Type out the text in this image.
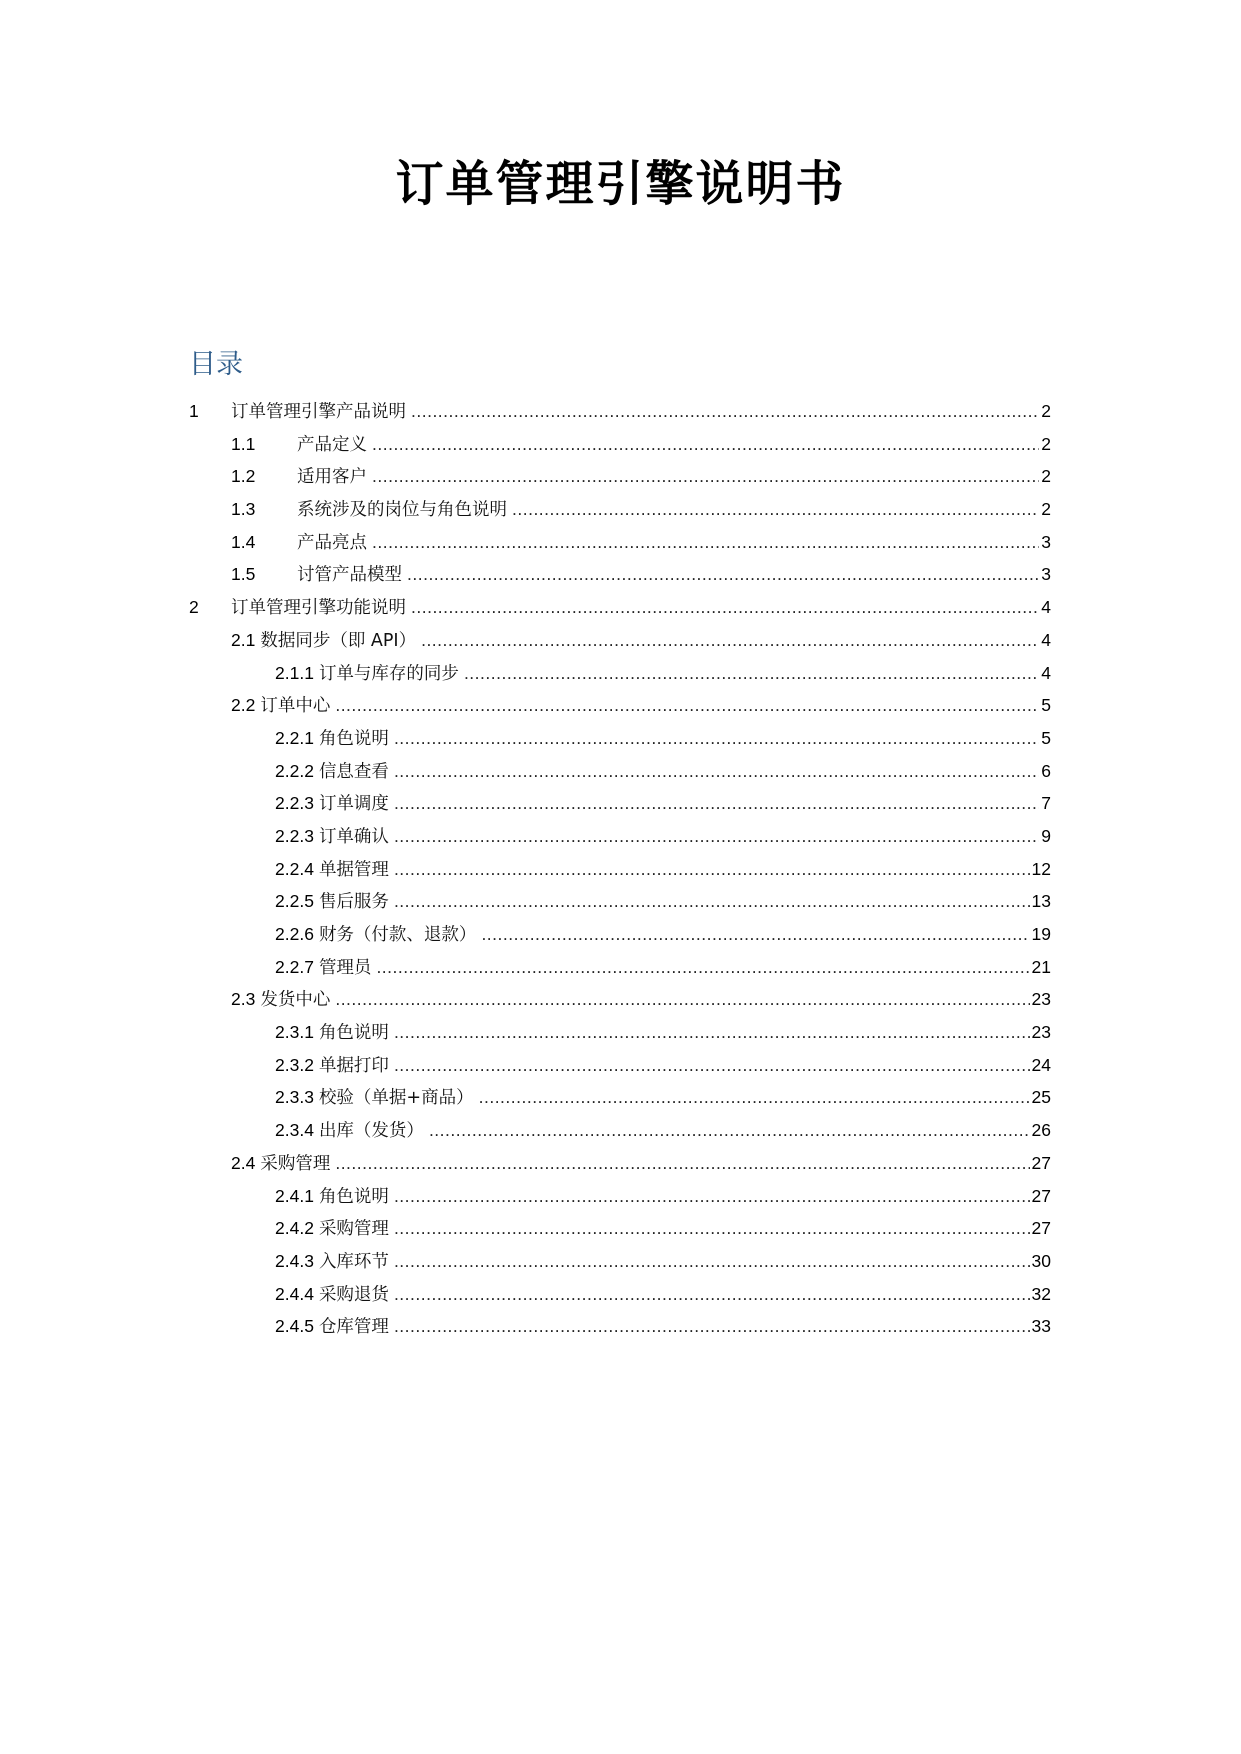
订单管理引擎说明书
目录
1	订单管理引擎产品说明 .....	2
1.1	产品定义 .....	2
1.2	适用客户 .....	2
1.3	系统涉及的岗位与角色说明 .....	2
1.4	产品亮点 .....	3
1.5	讨管产品模型 .....	3
2	订单管理引擎功能说明 .....	4
2.1 数据同步（即 API） .....	4
2.1.1 订单与库存的同步 .....	4
2.2 订单中心 .....	5
2.2.1 角色说明 .....	5
2.2.2 信息查看 .....	6
2.2.3 订单调度 .....	7
2.2.3 订单确认 .....	9
2.2.4 单据管理 .....	12
2.2.5 售后服务 .....	13
2.2.6 财务（付款、退款） .....	19
2.2.7 管理员 .....	21
2.3 发货中心 .....	23
2.3.1 角色说明 .....	23
2.3.2 单据打印 .....	24
2.3.3 校验（单据+商品） .....	25
2.3.4 出库（发货） .....	26
2.4 采购管理 .....	27
2.4.1 角色说明 .....	27
2.4.2 采购管理 .....	27
2.4.3 入库环节 .....	30
2.4.4 采购退货 .....	32
2.4.5 仓库管理 .....	33
